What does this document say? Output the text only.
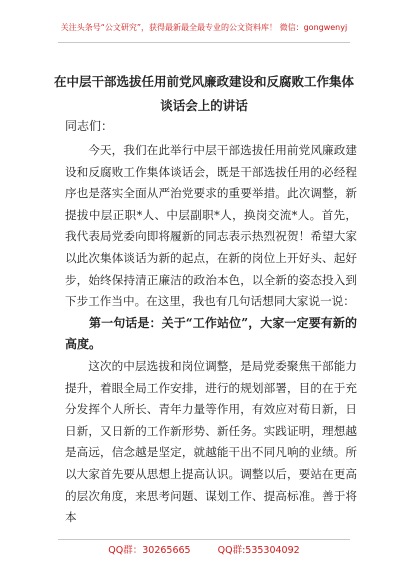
关注头条号“公文研究”，获得最新最全最专业的公文资料库！ 微信：gongwenyj
在中层干部选拔任用前党风廉政建设和反腐败工作集体谈话会上的讲话
同志们：

今天，我们在此举行中层干部选拔任用前党风廉政建设和反腐败工作集体谈话会，既是干部选拔任用的必经程序也是落实全面从严治党要求的重要举措。此次调整，新提拔中层正职*人、中层副职*人，换岗交流*人。首先，我代表局党委向即将履新的同志表示热烈祝贺！希望大家以此次集体谈话为新的起点，在新的岗位上开好头、起好步，始终保持清正廉洁的政治本色，以全新的姿态投入到下步工作当中。在这里，我也有几句话想同大家说一说：

第一句话是：关于“工作站位”，大家一定要有新的高度。

这次的中层选拔和岗位调整，是局党委聚焦干部能力提升，着眼全局工作安排，进行的规划部署，目的在于充分发挥个人所长、青年力量等作用，有效应对荀日新，日日新，又日新的工作新形势、新任务。实践证明，理想越是高远，信念越是坚定，就越能干出不同凡响的业绩。所以大家首先要从思想上提高认识。调整以后，要站在更高的层次角度，来思考问题、谋划工作、提高标准。善于将本

QQ群：30265665	QQ群:535304092
